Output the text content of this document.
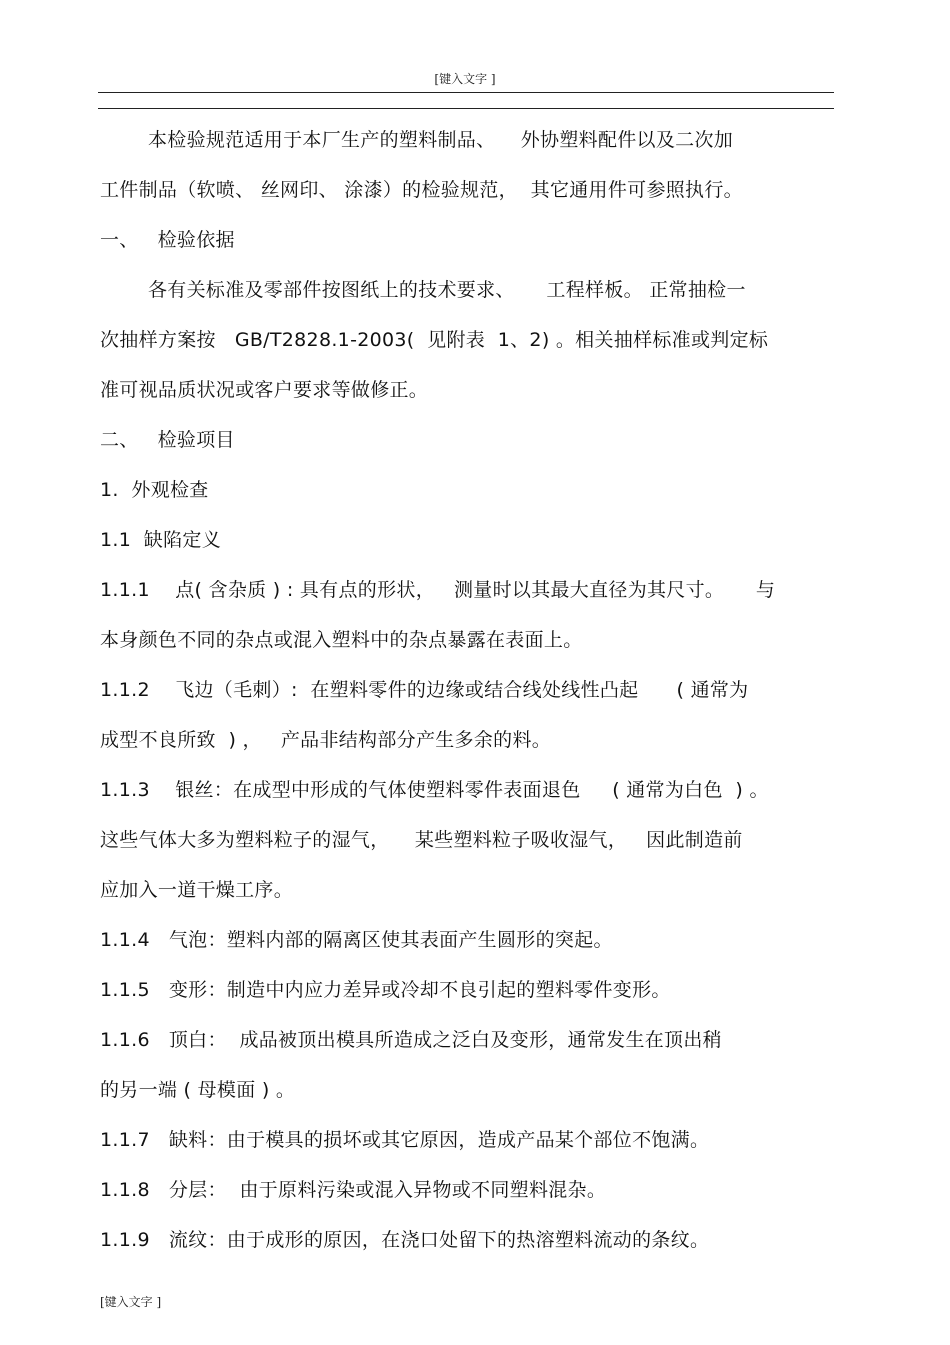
[键入文字 ]
本检验规范适用于本厂生产的塑料制品、    外协塑料配件以及二次加
工件制品（软喷、 丝网印、 涂漆）的检验规范，  其它通用件可参照执行。
一、   检验依据
各有关标准及零部件按图纸上的技术要求、     工程样板。 正常抽检一
次抽样方案按   GB/T2828.1-2003(  见附表  1、2) 。相关抽样标准或判定标
准可视品质状况或客户要求等做修正。
二、   检验项目
1.  外观检查
1.1  缺陷定义
1.1.1    点( 含杂质 ) : 具有点的形状，   测量时以其最大直径为其尺寸。     与
本身颜色不同的杂点或混入塑料中的杂点暴露在表面上。
1.1.2    飞边（毛刺）:  在塑料零件的边缘或结合线处线性凸起      ( 通常为
成型不良所致  ) ，   产品非结构部分产生多余的料。
1.1.3    银丝：在成型中形成的气体使塑料零件表面退色     ( 通常为白色  ) 。
这些气体大多为塑料粒子的湿气，    某些塑料粒子吸收湿气，   因此制造前
应加入一道干燥工序。
1.1.4   气泡：塑料内部的隔离区使其表面产生圆形的突起。
1.1.5   变形：制造中内应力差异或冷却不良引起的塑料零件变形。
1.1.6   顶白：  成品被顶出模具所造成之泛白及变形，通常发生在顶出稍
的另一端 ( 母模面 ) 。
1.1.7   缺料：由于模具的损坏或其它原因，造成产品某个部位不饱满。
1.1.8   分层：  由于原料污染或混入异物或不同塑料混杂。
1.1.9   流纹：由于成形的原因，在浇口处留下的热溶塑料流动的条纹。
[键入文字 ]
